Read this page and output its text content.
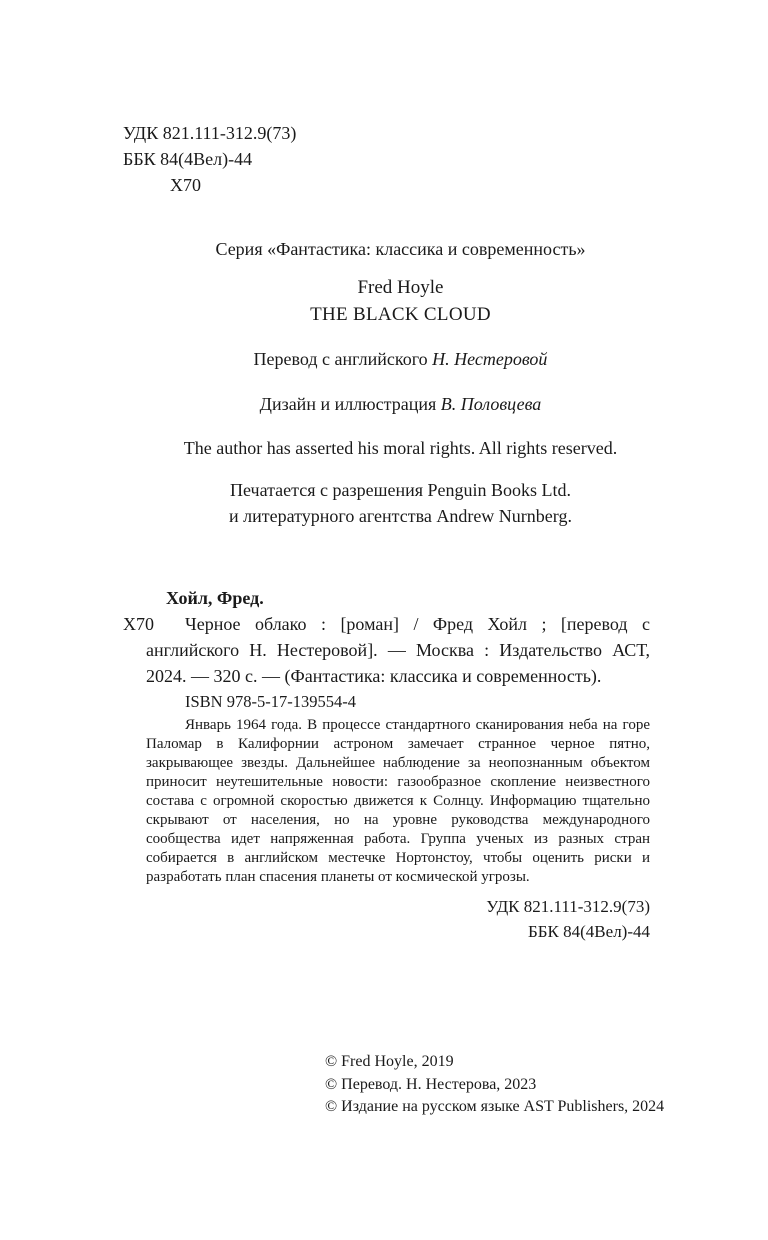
УДК 821.111-312.9(73)
ББК 84(4Вел)-44
Х70
Серия «Фантастика: классика и современность»
Fred Hoyle
THE BLACK CLOUD
Перевод с английского Н. Нестеровой
Дизайн и иллюстрация В. Половцева
The author has asserted his moral rights. All rights reserved.
Печатается с разрешения Penguin Books Ltd.
и литературного агентства Andrew Nurnberg.
Хойл, Фред.
Х70	Черное облако : [роман] / Фред Хойл ; [перевод с английского Н. Нестеровой]. — Москва : Издательство АСТ, 2024. — 320 с. — (Фантастика: классика и современность).

ISBN 978-5-17-139554-4

Январь 1964 года. В процессе стандартного сканирования неба на горе Паломар в Калифорнии астроном замечает странное черное пятно, закрывающее звезды. Дальнейшее наблюдение за неопознанным объектом приносит неутешительные новости: газообразное скопление неизвестного состава с огромной скоростью движется к Солнцу. Информацию тщательно скрывают от населения, но на уровне руководства международного сообщества идет напряженная работа. Группа ученых из разных стран собирается в английском местечке Нортонстоу, чтобы оценить риски и разработать план спасения планеты от космической угрозы.

УДК 821.111-312.9(73)
ББК 84(4Вел)-44
© Fred Hoyle, 2019
© Перевод. Н. Нестерова, 2023
© Издание на русском языке AST Publishers, 2024
